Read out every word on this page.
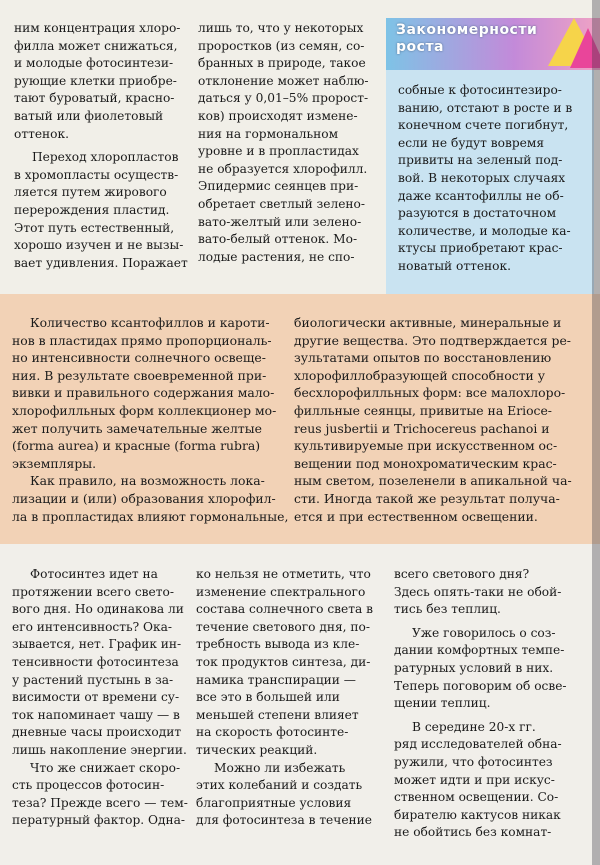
Закономерности
роста
собные к фотосинтезиро-
ванию, отстают в росте и в
конечном счете погибнут,
если не будут вовремя
привиты на зеленый под-
вой. В некоторых случаях
даже ксантофиллы не об-
разуются в достаточном
количестве, и молодые ка-
ктусы приобретают крас-
новатый оттенок.
ним концентрация хлоро-
филла может снижаться,
и молодые фотосинтези-
рующие клетки приобре-
тают буроватый, красно-
ватый или фиолетовый
оттенок.
Переход хлоропластов
в хромопласты осуществ-
ляется путем жирового
перерождения пластид.
Этот путь естественный,
хорошо изучен и не вызы-
вает удивления. Поражает
лишь то, что у некоторых
проростков (из семян, со-
бранных в природе, такое
отклонение может наблю-
даться у 0,01–5% пророст-
ков) происходят измене-
ния на гормональном
уровне и в пропластидах
не образуется хлорофилл.
Эпидермис сеянцев при-
обретает светлый зелено-
вато-желтый или зелено-
вато-белый оттенок. Мо-
лодые растения, не спо-
Количество ксантофиллов и кароти-
нов в пластидах прямо пропорциональ-
но интенсивности солнечного освеще-
ния. В результате своевременной при-
вивки и правильного содержания мало-
хлорофилльных форм коллекционер мо-
жет получить замечательные желтые
(forma aurea) и красные (forma rubra)
экземпляры.
Как правило, на возможность лока-
лизации и (или) образования хлорофил-
ла в пропластидах влияют гормональные,
биологически активные, минеральные и
другие вещества. Это подтверждается ре-
зультатами опытов по восстановлению
хлорофиллобразующей способности у
бесхлорофилльных форм: все малохлоро-
филльные сеянцы, привитые на Eriocе-
reus jusbertii и Trichocereus pachanoi и
культивируемые при искусственном ос-
вещении под монохроматическим крас-
ным светом, позеленели в апикальной ча-
сти. Иногда такой же результат получа-
ется и при естественном освещении.
Фотосинтез идет на
протяжении всего свето-
вого дня. Но одинакова ли
его интенсивность? Ока-
зывается, нет. График ин-
тенсивности фотосинтеза
у растений пустынь в за-
висимости от времени су-
ток напоминает чашу — в
дневные часы происходит
лишь накопление энергии.
Что же снижает скоро-
сть процессов фотосин-
теза? Прежде всего — тем-
пературный фактор. Одна-
ко нельзя не отметить, что
изменение спектрального
состава солнечного света в
течение светового дня, по-
требность вывода из кле-
ток продуктов синтеза, ди-
намика транспирации —
все это в большей или
меньшей степени влияет
на скорость фотосинте-
тических реакций.
Можно ли избежать
этих колебаний и создать
благоприятные условия
для фотосинтеза в течение
всего светового дня?
Здесь опять-таки не обой-
тись без теплиц.
Уже говорилось о соз-
дании комфортных темпе-
ратурных условий в них.
Теперь поговорим об осве-
щении теплиц.
В середине 20-х гг.
ряд исследователей обна-
ружили, что фотосинтез
может идти и при искус-
ственном освещении. Со-
бирателю кактусов никак
не обойтись без комнат-
